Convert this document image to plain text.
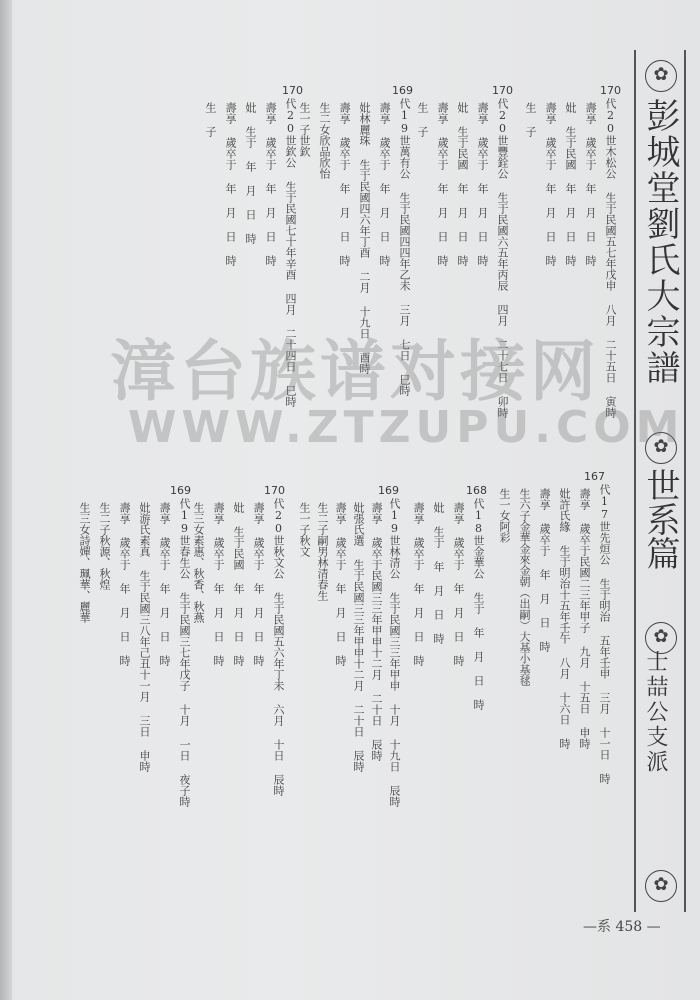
✿
彭城堂劉氏大宗譜
✿
世系篇
✿
✿
士喆公支派
170
代20世木松公 生于民國五七年戊申 八月 二十五日 寅時
壽享 歲卒于 年 月 日 時
妣 生于民國 年 月 日 時
壽享 歲卒于 年 月 日 時
生 子
170
代20世豐銓公 生于民國六五年丙辰 四月 二十七日 卯時
壽享 歲卒于 年 月 日 時
妣 生于民國 年 月 日 時
壽享 歲卒于 年 月 日 時
生 子
169
代19世萬有公 生于民國四四年乙未 三月 七日 巳時
壽享 歲卒于 年 月 日 時
妣林麗珠 生于民國四六年丁酉 二月 十九日 酉時
壽享 歲卒于 年 月 日 時
生二女欣品欣怡
生一子世欽
170
代20世欽公 生于民國七十年辛酉 四月 二十四日 巳時
壽享 歲卒于 年 月 日 時
妣 生于 年 月 日 時
壽享 歲卒于 年 月 日 時
生 子
167
代17世先烜公 生于明治 五年壬申 三月 十一日 時
壽享 歲卒于民國二三年甲子 九月 十五日 申時
妣許氏緣 生于明治十五年壬午 八月 十六日 時
壽享 歲卒于 年 月 日 時
生六子金華金來金朝（出嗣）大基小基毬
生一女阿彩
168
代18世金華公 生于 年 月 日 時
壽享 歲卒于 年 月 日 時
妣 生于 年 月 日 時
壽享 歲卒于 年 月 日 時
169
代19世林清公 生于民國三三年甲申 十月 十九日 辰時
壽享 歲卒于民國三三年甲申十二月 二十日 辰時
妣張氏選 生于民國三三年甲申十二月 二十日 辰時
壽享 歲卒于 年 月 日 時
生二子嗣男林清春生
生一子秋文
170
代20世秋文公 生于民國五六年丁未 六月 十日 辰時
壽享 歲卒于 年 月 日 時
妣 生于民國 年 月 日 時
壽享 歲卒于 年 月 日 時
生三女素惠、秋香、秋燕
169
代19世春生公 生于民國三七年戊子 十月 一日 夜子時
壽享 歲卒于 年 月 日 時
妣游氏素真 生于民國三八年己丑十一月 三日 申時
壽享 歲卒于 年 月 日 時
生二子秋源、秋煌
生三女詩嬋、珮華、麗華
漳台族谱对接网
WWW.ZTZUPU.COM
—系 458 —
